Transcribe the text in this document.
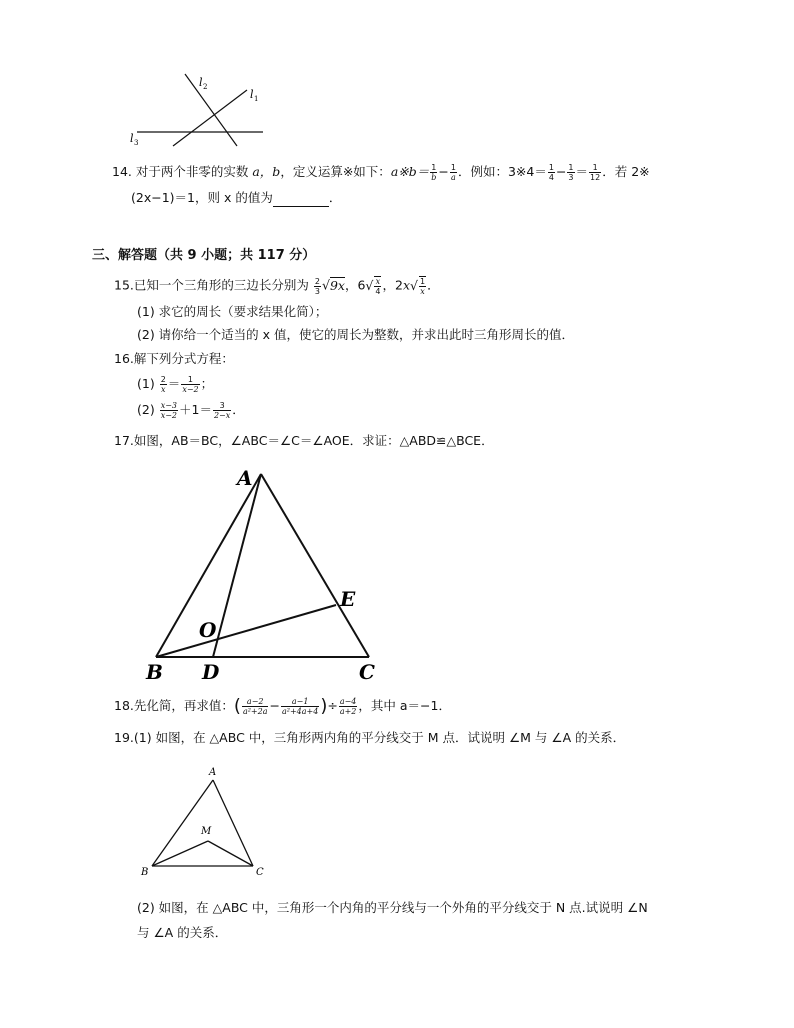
l 2
l 1
l 3
14. 对于两个非零的实数 a，b，定义运算※如下：a※b＝ $\frac{1}{b} - \frac{1}{a}$ ．例如：3※4＝ $\frac{1}{4} - \frac{1}{3} = \frac{1}{12}$ ．若 2※
(2x−1)＝1，则 x 的值为	．
三、解答题（共 9 小题；共 117 分）
15.已知一个三角形的三边长分别为 $\frac{2}{3} √9x$，$6√ \frac{x}{4}$ ，$2x√ \frac{1}{x}$ ．
(1) 求它的周长（要求结果化简）；
(2) 请你给一个适当的 x 值，使它的周长为整数，并求出此时三角形周长的值．
16.解下列分式方程：
$(1) \frac{2}{x} = \frac{1}{x-2}$ ；
$(2) \frac{x-3}{x-2} +1= \frac{3}{2-x}$ ．
17.如图，AB＝BC，∠ABC＝∠C＝∠AOE．求证：△ABD≌△BCE．
A
B	C
D
E
O
18.先化简，再求值：( $\frac{a-2}{\text{a²+2a}} - \frac{a-1}{\text{a²+4a+4}}$ )÷ $\frac{a-4}{a+2}$ ，其中 a＝−1．
19.(1) 如图，在 △ABC 中，三角形两内角的平分线交于 M 点．试说明 ∠M 与 ∠A 的关系．
A
B	C
M
(2) 如图，在 △ABC 中，三角形一个内角的平分线与一个外角的平分线交于 N 点.试说明 ∠N
与 ∠A 的关系．
